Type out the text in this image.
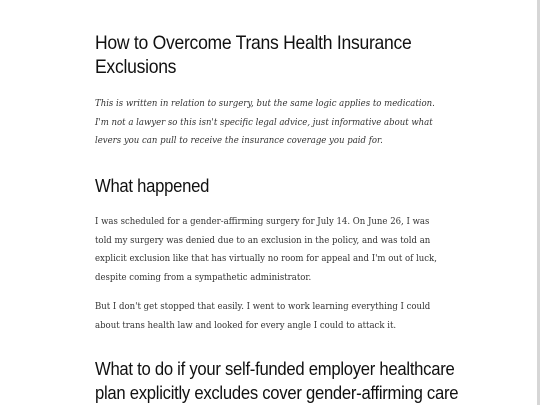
How to Overcome Trans Health Insurance
Exclusions

This is written in relation to surgery, but the same logic applies to medication. I'm not a lawyer so this isn't specific legal advice, just informative about what levers you can pull to receive the insurance coverage you paid for.

What happened

I was scheduled for a gender-affirming surgery for July 14. On June 26, I was told my surgery was denied due to an exclusion in the policy, and was told an explicit exclusion like that has virtually no room for appeal and I'm out of luck, despite coming from a sympathetic administrator.

But I don't get stopped that easily. I went to work learning everything I could about trans health law and looked for every angle I could to attack it.

What to do if your self-funded employer healthcare
plan explicitly excludes cover gender-affirming care
